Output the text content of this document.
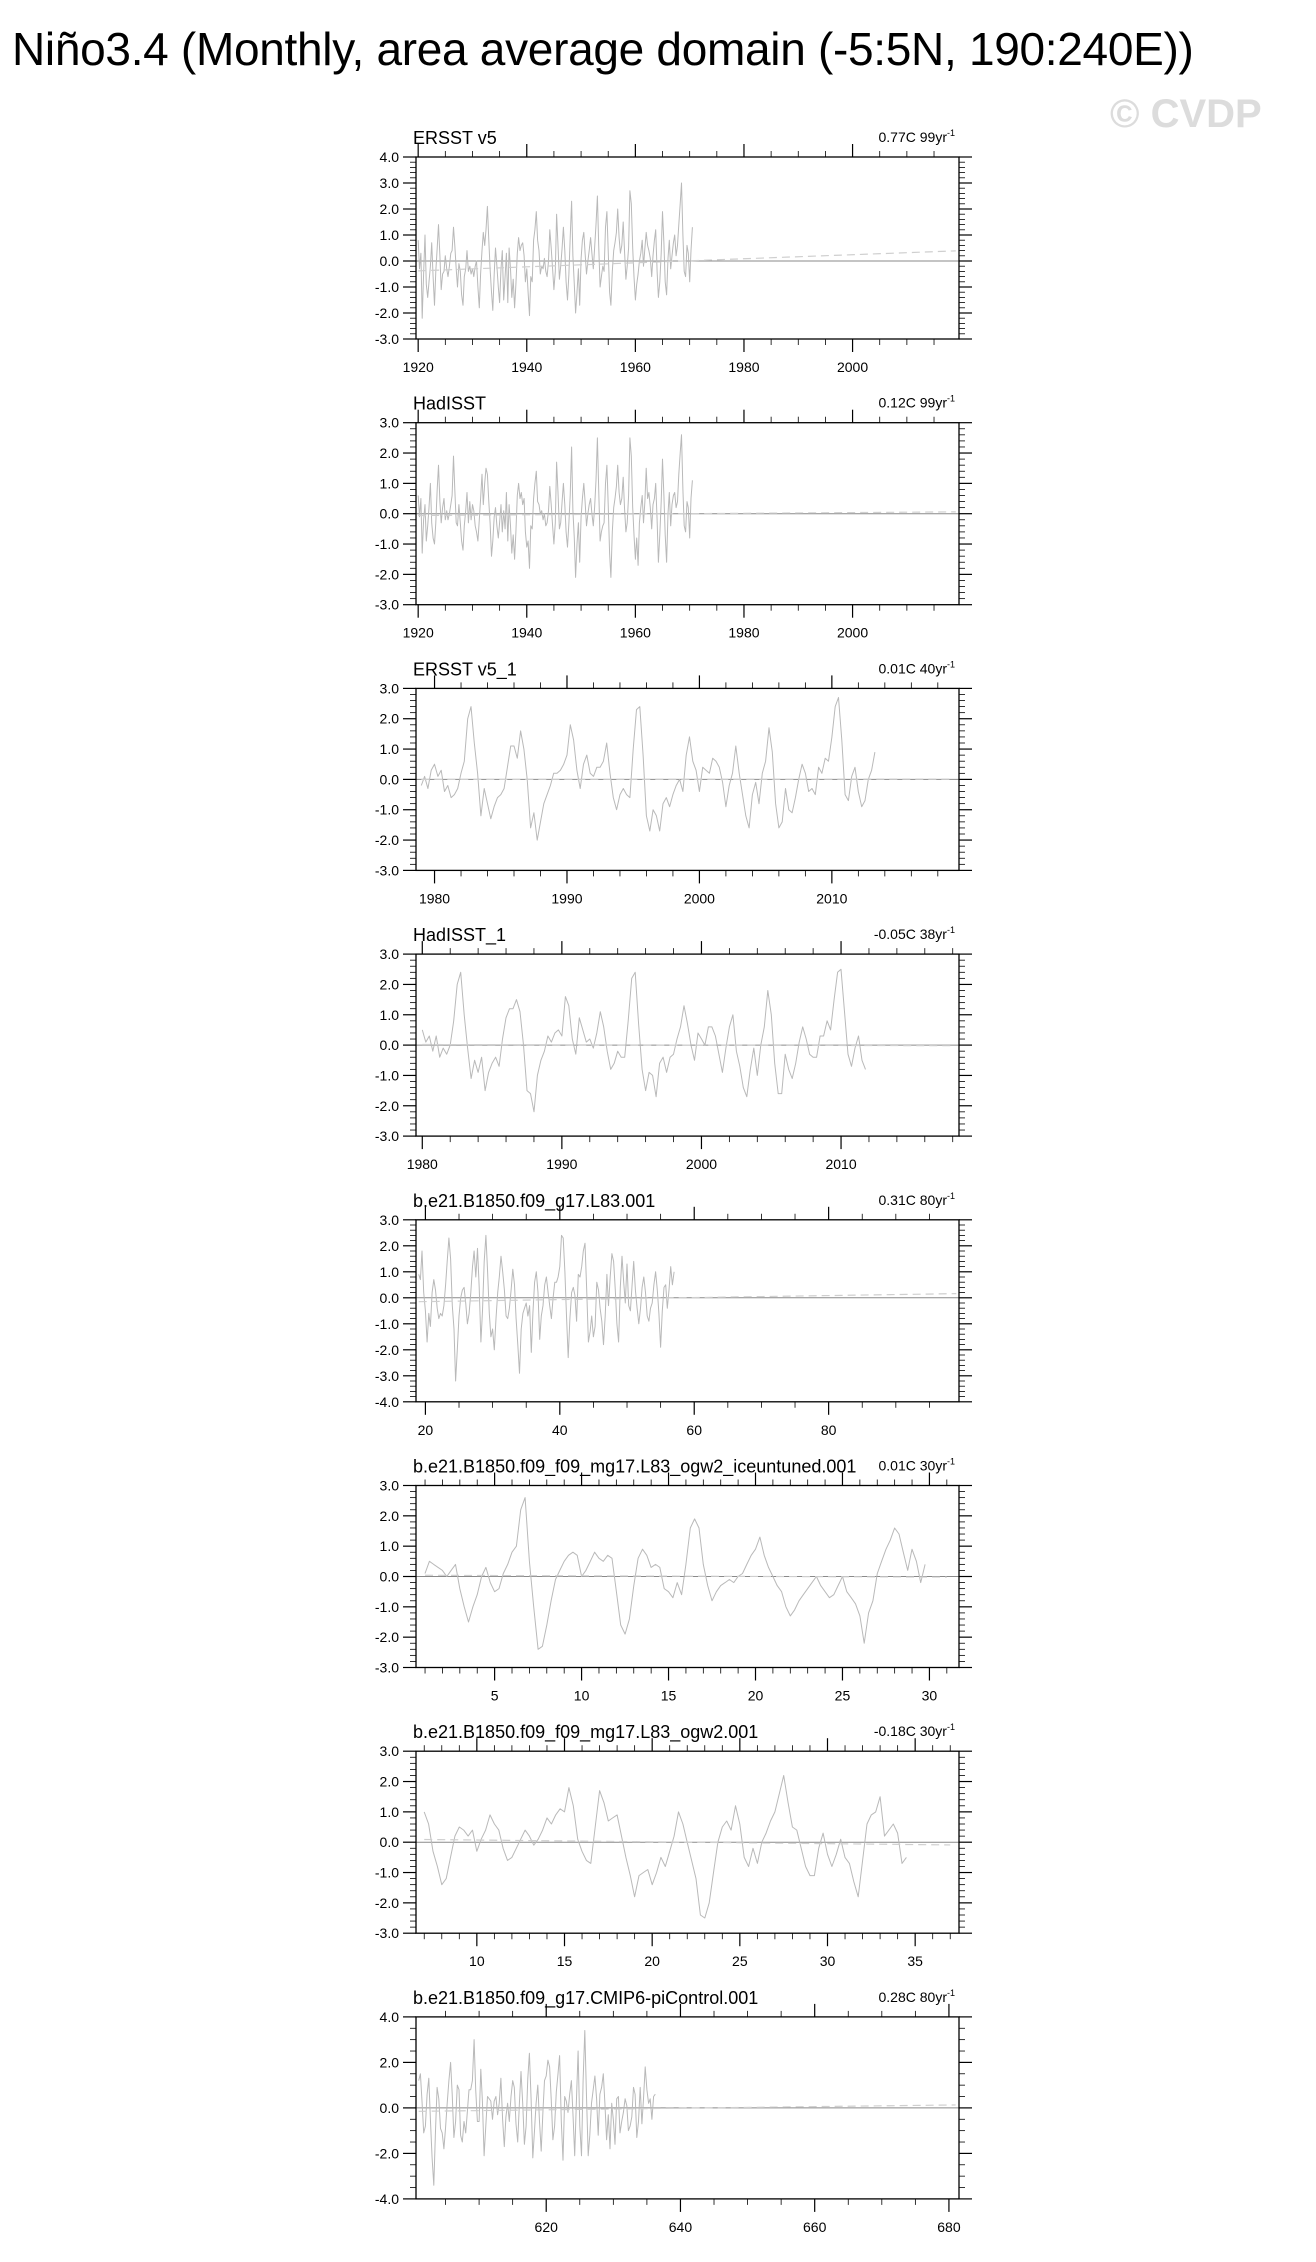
Niño3.4 (Monthly, area average domain (-5:5N, 190:240E))
© CVDP
ERSST v5	0.77C $99yr^{-1}$
4.0
3.0
2.0
1.0
0.0
-1.0
-2.0
-3.0
1920	1940	1960	1980	2000
HadISST	0.12C $99yr^{-1}$
3.0
2.0
1.0
0.0
-1.0
-2.0
-3.0
1920	1940	1960	1980	2000
ERSST v5_1	0.01C $40yr^{-1}$
3.0
2.0
1.0
0.0
-1.0
-2.0
-3.0
1980	1990	2000	2010
HadISST_1	-0.05C $38yr^{-1}$
3.0
2.0
1.0
0.0
-1.0
-2.0
-3.0
1980	1990	2000	2010
b.e21.B1850.f09_g17.L83.001	0.31C $80yr^{-1}$
3.0
2.0
1.0
0.0
-1.0
-2.0
-3.0
-4.0
20	40	60	80
b.e21.B1850.f09_f09_mg17.L83_ogw2_iceuntuned.001 0.01C $30yr^{-1}$
3.0
2.0
1.0
0.0
-1.0
-2.0
-3.0
5	10	15	20	25	30
b.e21.B1850.f09_f09_mg17.L83_ogw2.001	-0.18C $30yr^{-1}$
3.0
2.0
1.0
0.0
-1.0
-2.0
-3.0
10	15	20	25	30	35
b.e21.B1850.f09_g17.CMIP6-piControl.001	0.28C $80yr^{-1}$
4.0
2.0
0.0
-2.0
-4.0
620	640	660	680
